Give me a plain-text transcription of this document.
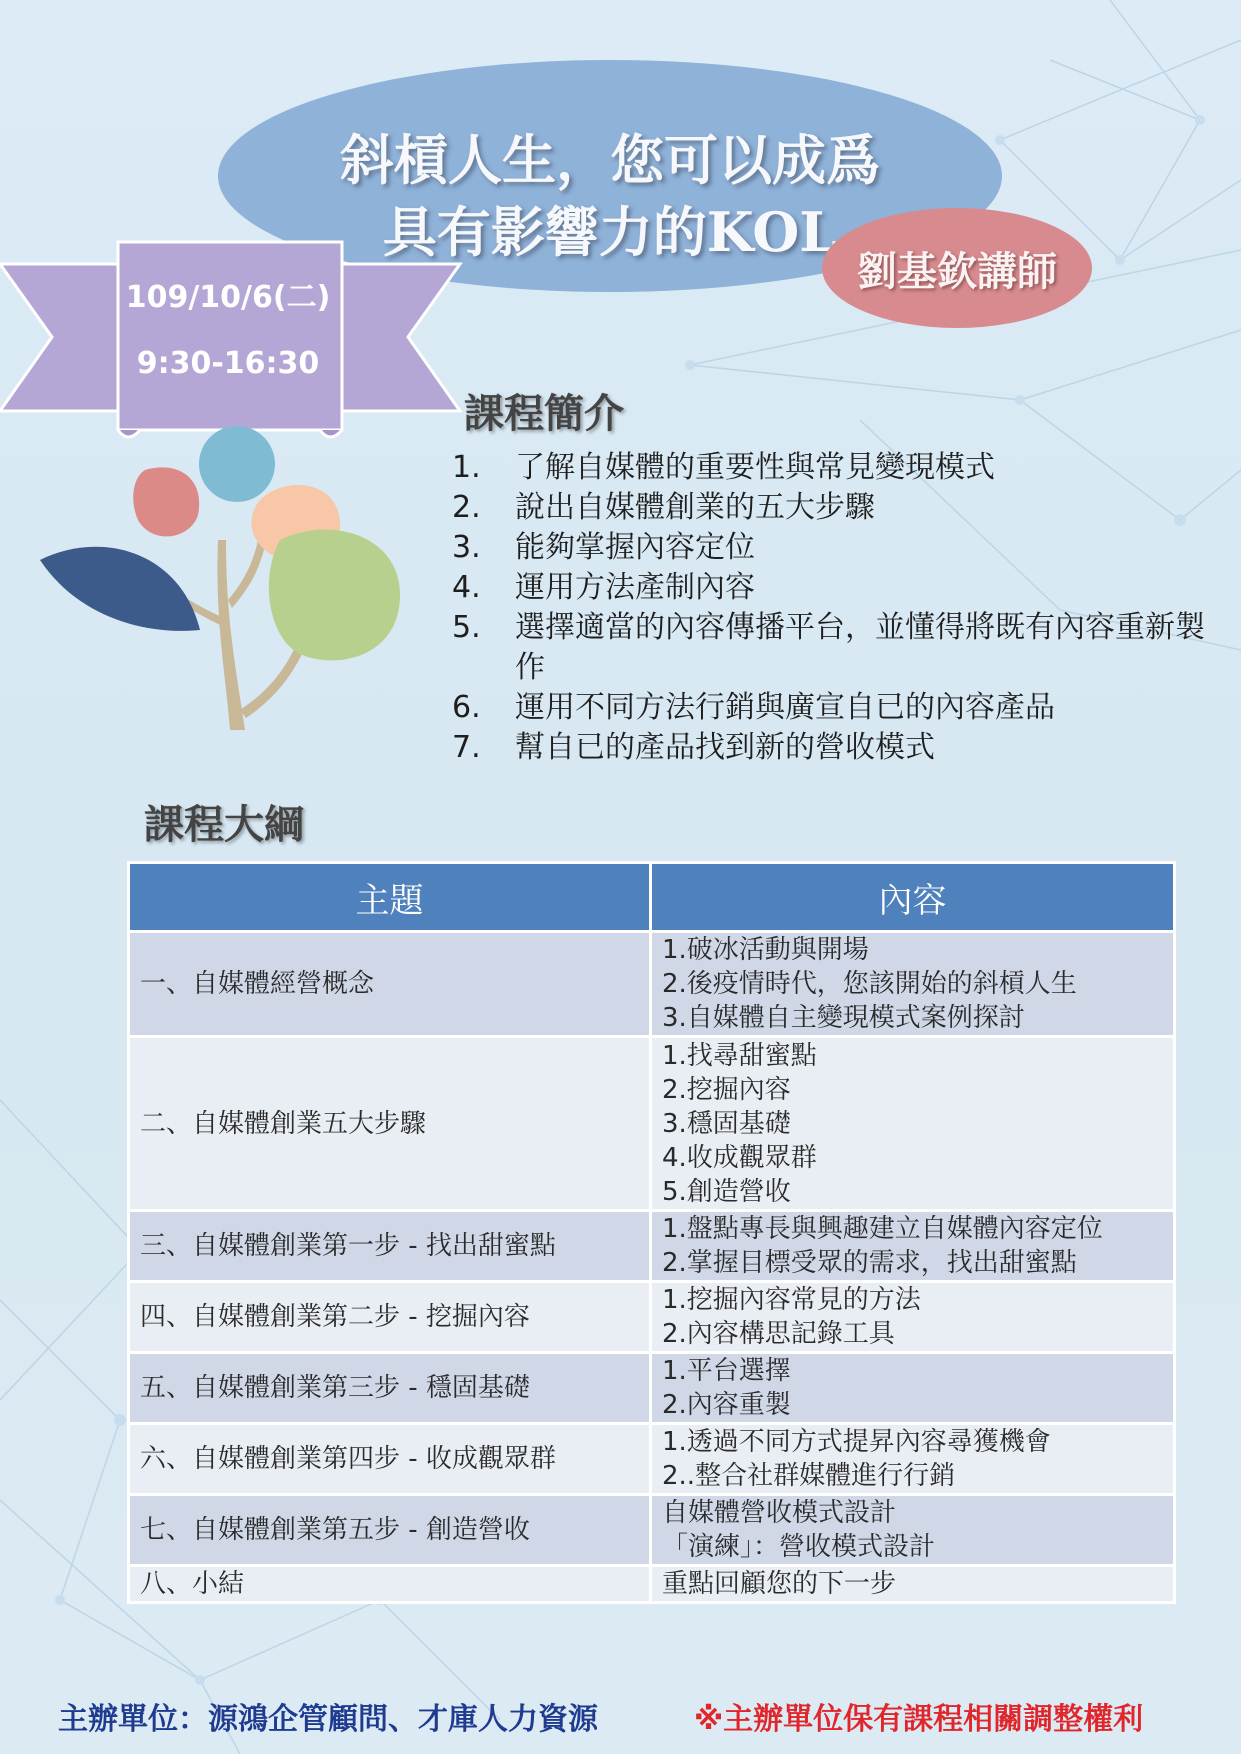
斜槓人生，您可以成爲
具有影響力的KOL
劉基欽講師
109/10/6(二)
9:30-16:30
課程簡介
1.	了解自媒體的重要性與常見變現模式
2.	說出自媒體創業的五大步驟
3.	能夠掌握內容定位
4.	運用方法產制內容
5.	選擇適當的內容傳播平台，並懂得將既有內容重新製作
6.	運用不同方法行銷與廣宣自已的內容產品
7.	幫自已的產品找到新的營收模式
課程大綱
主題	內容
一、自媒體經營概念	1.破冰活動與開場
2.後疫情時代，您該開始的斜槓人生
3.自媒體自主變現模式案例探討

二、自媒體創業五大步驟	1.找尋甜蜜點
2.挖掘內容
3.穩固基礎
4.收成觀眾群
5.創造營收

三、自媒體創業第一步 - 找出甜蜜點	1.盤點專長與興趣建立自媒體內容定位
2.掌握目標受眾的需求，找出甜蜜點

四、自媒體創業第二步 - 挖掘內容	1.挖掘內容常見的方法
2.內容構思記錄工具

五、自媒體創業第三步 - 穩固基礎	1.平台選擇
2.內容重製

六、自媒體創業第四步 - 收成觀眾群	1.透過不同方式提昇內容尋獲機會
2..整合社群媒體進行行銷

七、自媒體創業第五步 - 創造營收	自媒體營收模式設計
「演練」：營收模式設計

八、小結	重點回顧您的下一步
主辦單位：源鴻企管顧問、才庫人力資源	※主辦單位保有課程相關調整權利
